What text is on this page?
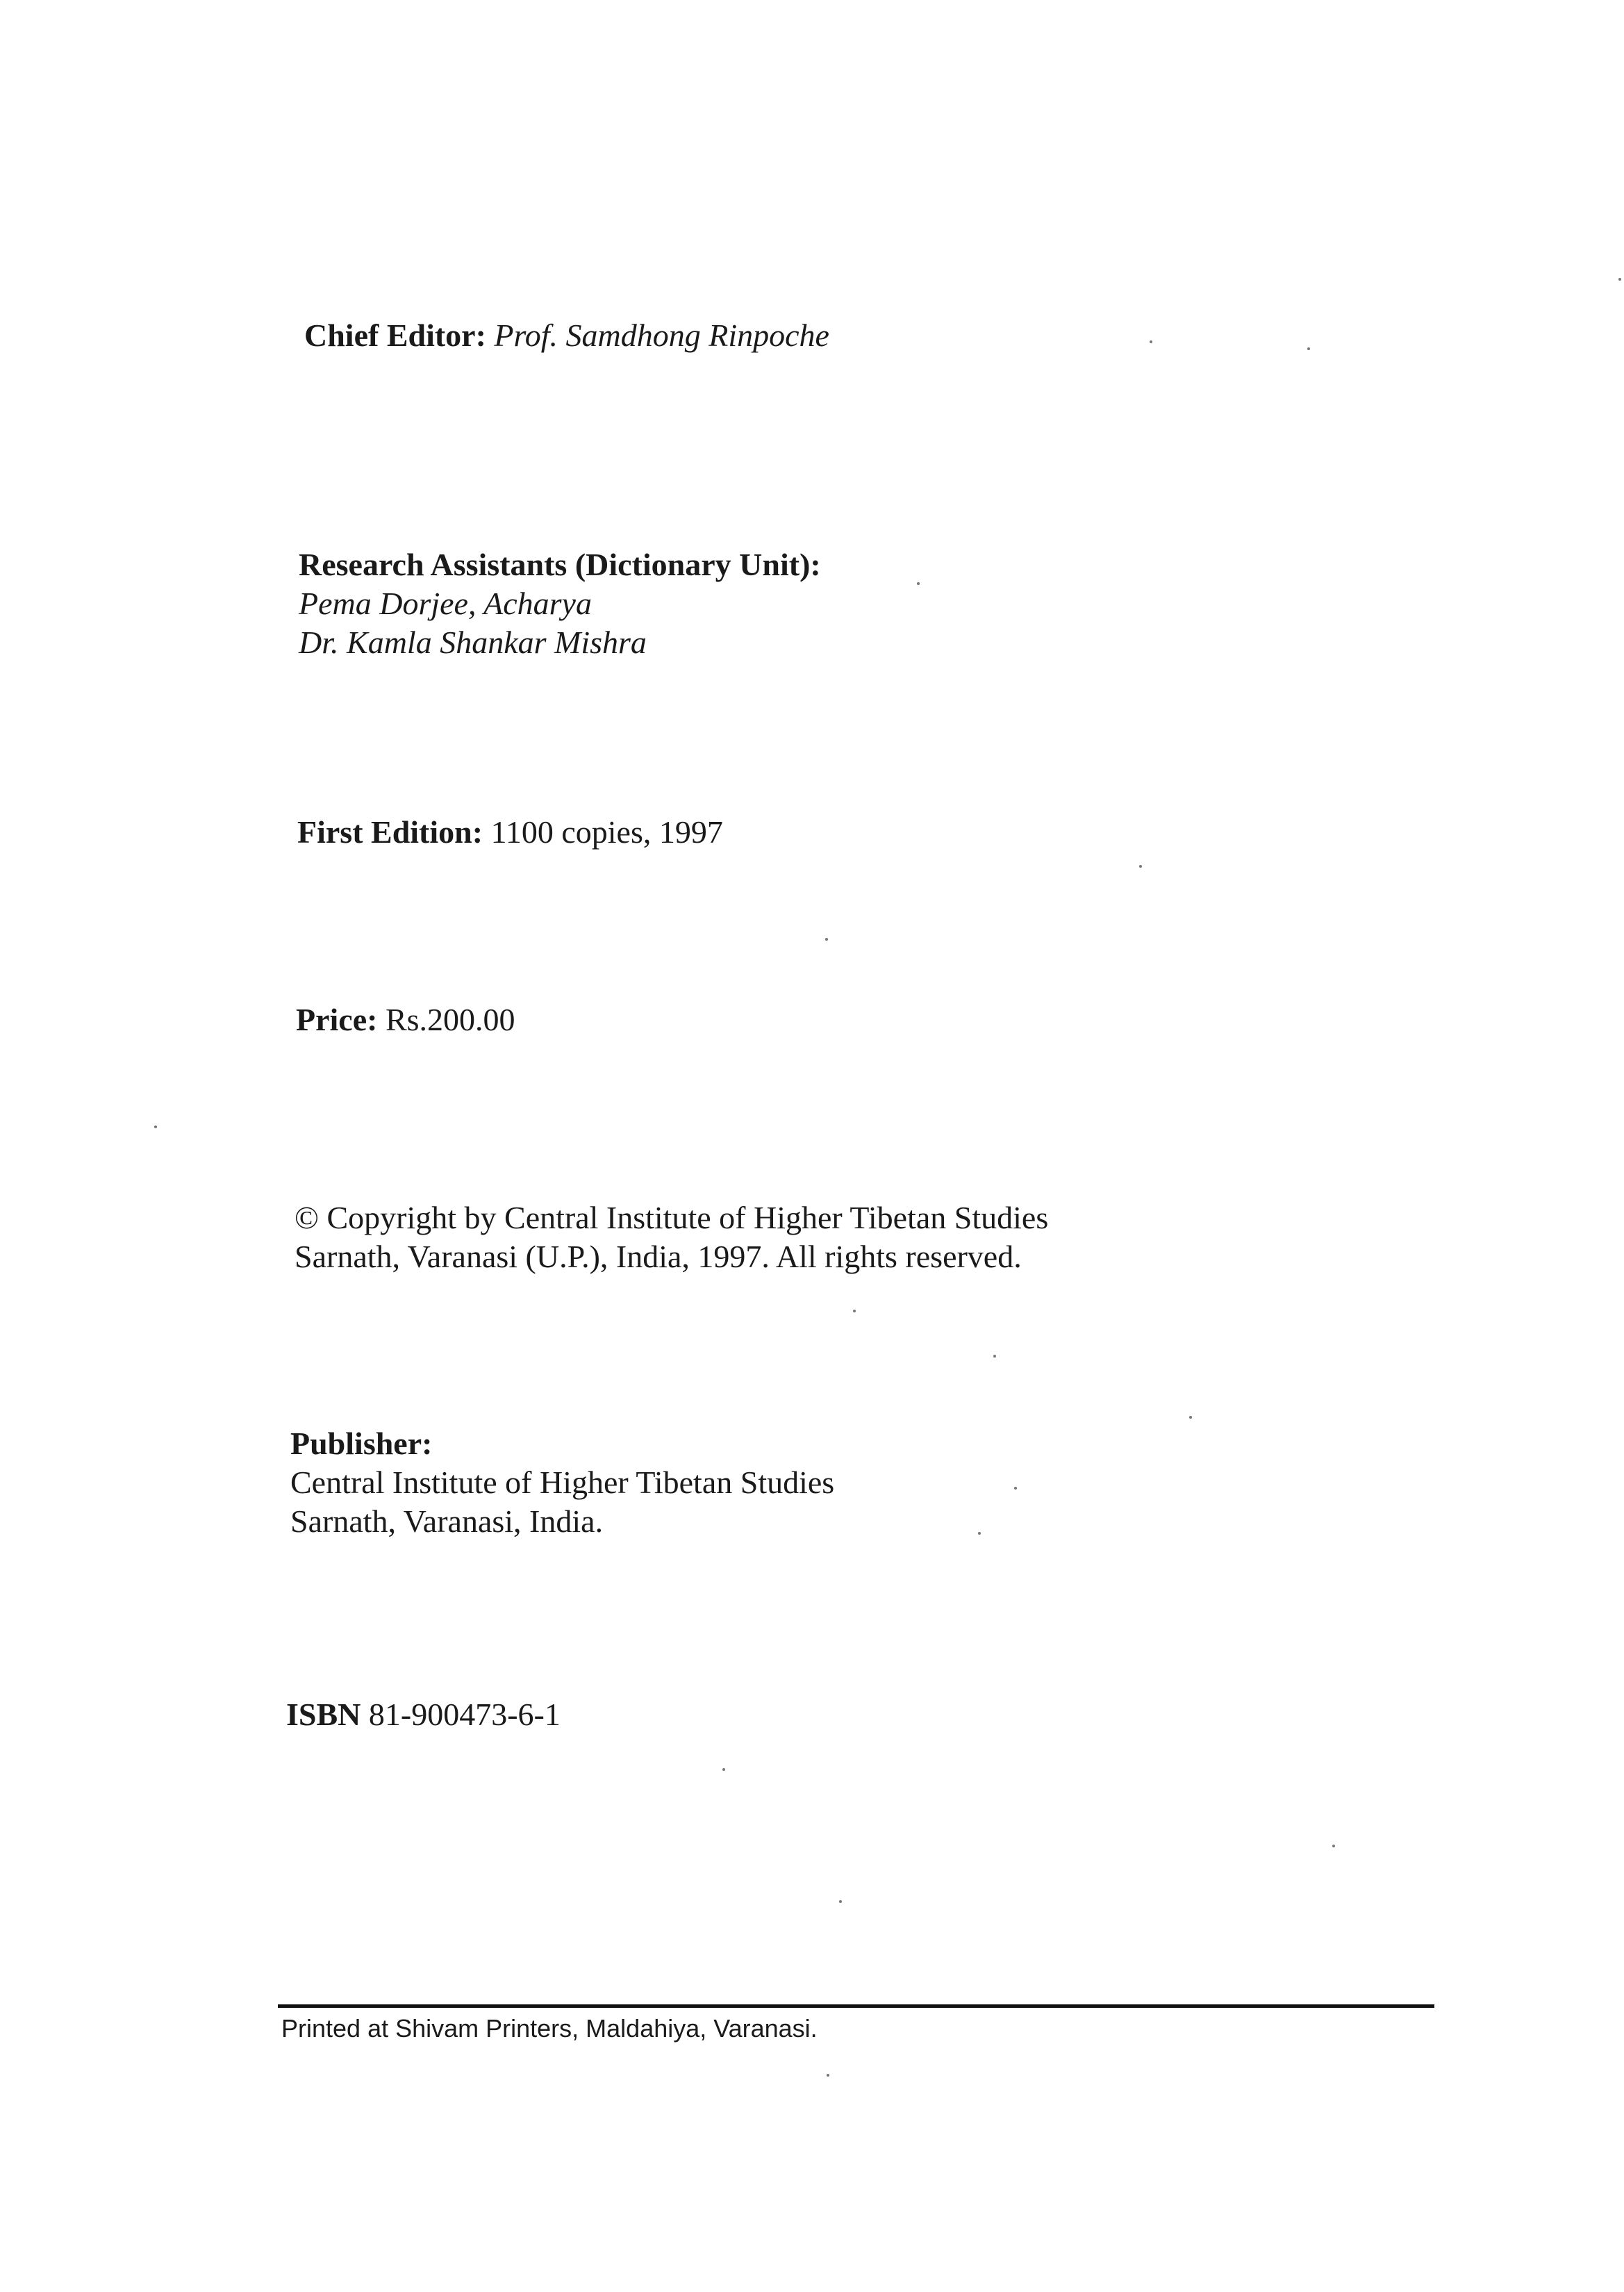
Chief Editor: Prof. Samdhong Rinpoche
Research Assistants (Dictionary Unit):
Pema Dorjee, Acharya
Dr. Kamla Shankar Mishra
First Edition: 1100 copies, 1997
Price: Rs.200.00
© Copyright by Central Institute of Higher Tibetan Studies
Sarnath, Varanasi (U.P.), India, 1997. All rights reserved.
Publisher:
Central Institute of Higher Tibetan Studies
Sarnath, Varanasi, India.
ISBN 81-900473-6-1
Printed at Shivam Printers, Maldahiya, Varanasi.
